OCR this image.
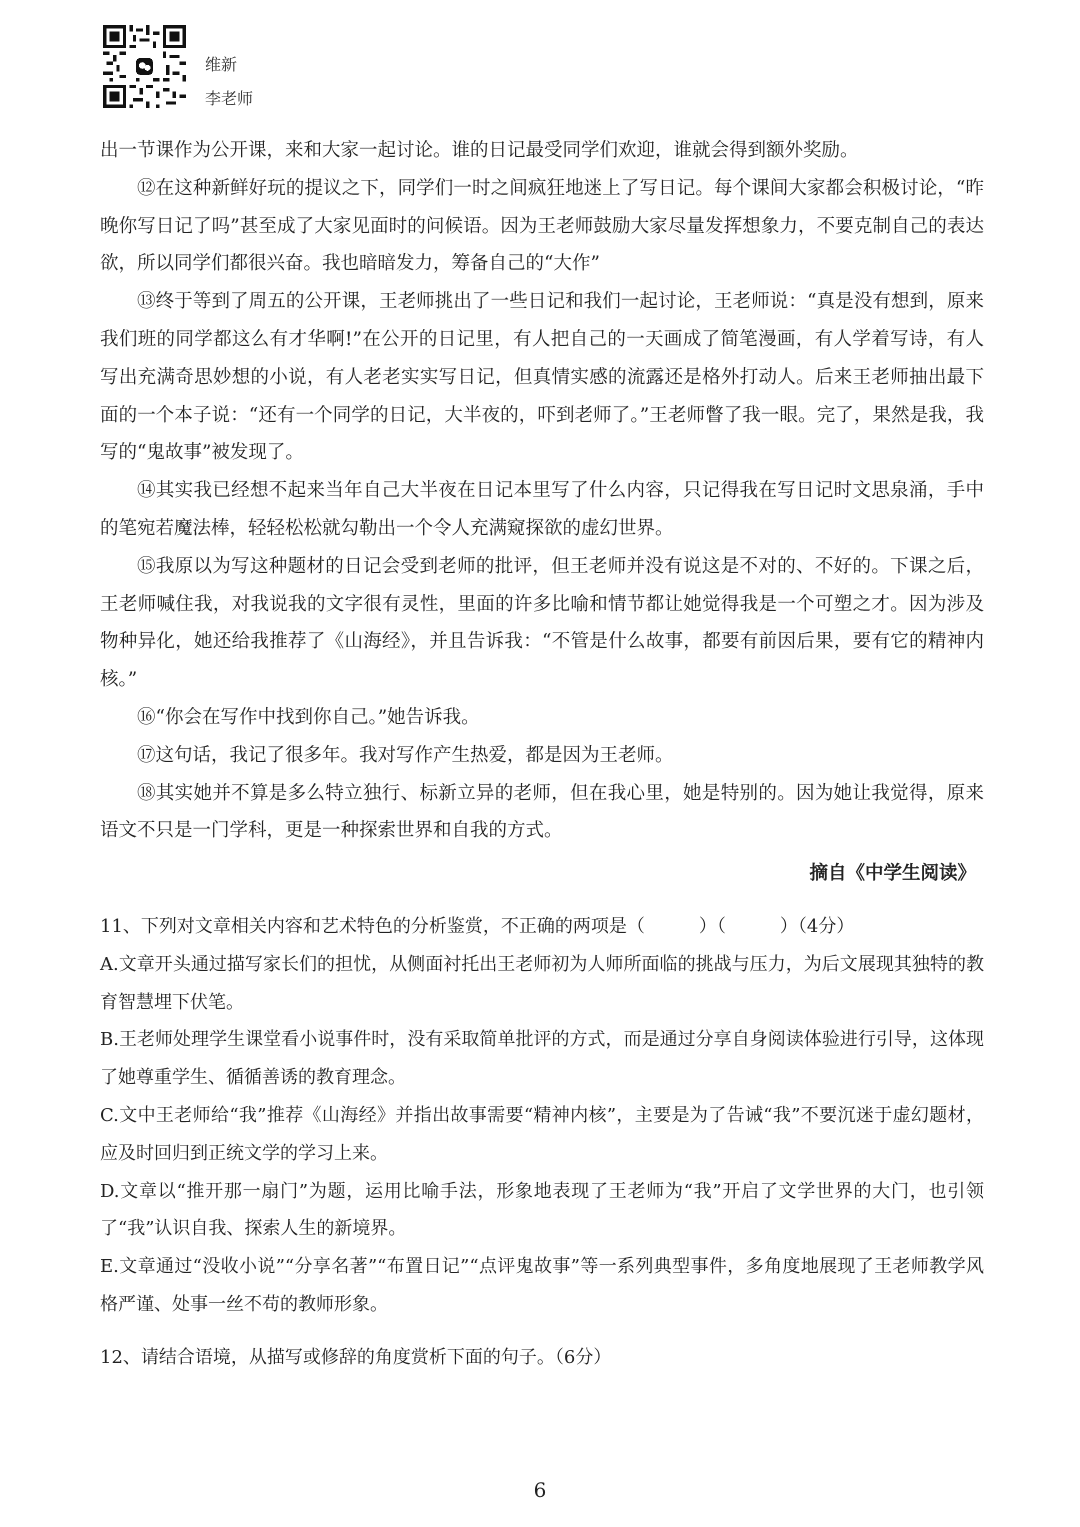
维新
李老师

出一节课作为公开课，来和大家一起讨论。谁的日记最受同学们欢迎，谁就会得到额外奖励。

⑫在这种新鲜好玩的提议之下，同学们一时之间疯狂地迷上了写日记。每个课间大家都会积极讨论，“昨晚你写日记了吗”甚至成了大家见面时的问候语。因为王老师鼓励大家尽量发挥想象力，不要克制自己的表达欲，所以同学们都很兴奋。我也暗暗发力，筹备自己的“大作”

⑬终于等到了周五的公开课，王老师挑出了一些日记和我们一起讨论，王老师说：“真是没有想到，原来我们班的同学都这么有才华啊!”在公开的日记里，有人把自己的一天画成了简笔漫画，有人学着写诗，有人写出充满奇思妙想的小说，有人老老实实写日记，但真情实感的流露还是格外打动人。后来王老师抽出最下面的一个本子说：“还有一个同学的日记，大半夜的，吓到老师了。”王老师瞥了我一眼。完了，果然是我，我写的“鬼故事”被发现了。

⑭其实我已经想不起来当年自己大半夜在日记本里写了什么内容，只记得我在写日记时文思泉涌，手中的笔宛若魔法棒，轻轻松松就勾勒出一个令人充满窥探欲的虚幻世界。

⑮我原以为写这种题材的日记会受到老师的批评，但王老师并没有说这是不对的、不好的。下课之后，王老师喊住我，对我说我的文字很有灵性，里面的许多比喻和情节都让她觉得我是一个可塑之才。因为涉及物种异化，她还给我推荐了《山海经》，并且告诉我：“不管是什么故事，都要有前因后果，要有它的精神内核。”

⑯“你会在写作中找到你自己。”她告诉我。

⑰这句话，我记了很多年。我对写作产生热爱，都是因为王老师。

⑱其实她并不算是多么特立独行、标新立异的老师，但在我心里，她是特别的。因为她让我觉得，原来语文不只是一门学科，更是一种探索世界和自我的方式。

摘自《中学生阅读》

11、下列对文章相关内容和艺术特色的分析鉴赏，不正确的两项是（　　　）（　　　）（4分）

A.文章开头通过描写家长们的担忧，从侧面衬托出王老师初为人师所面临的挑战与压力，为后文展现其独特的教育智慧埋下伏笔。

B.王老师处理学生课堂看小说事件时，没有采取简单批评的方式，而是通过分享自身阅读体验进行引导，这体现了她尊重学生、循循善诱的教育理念。

C.文中王老师给“我”推荐《山海经》并指出故事需要“精神内核”，主要是为了告诫“我”不要沉迷于虚幻题材，应及时回归到正统文学的学习上来。

D.文章以“推开那一扇门”为题，运用比喻手法，形象地表现了王老师为“我”开启了文学世界的大门，也引领了“我”认识自我、探索人生的新境界。

E.文章通过“没收小说”“分享名著”“布置日记”“点评鬼故事”等一系列典型事件，多角度地展现了王老师教学风格严谨、处事一丝不苟的教师形象。

12、请结合语境，从描写或修辞的角度赏析下面的句子。（6分）

6
